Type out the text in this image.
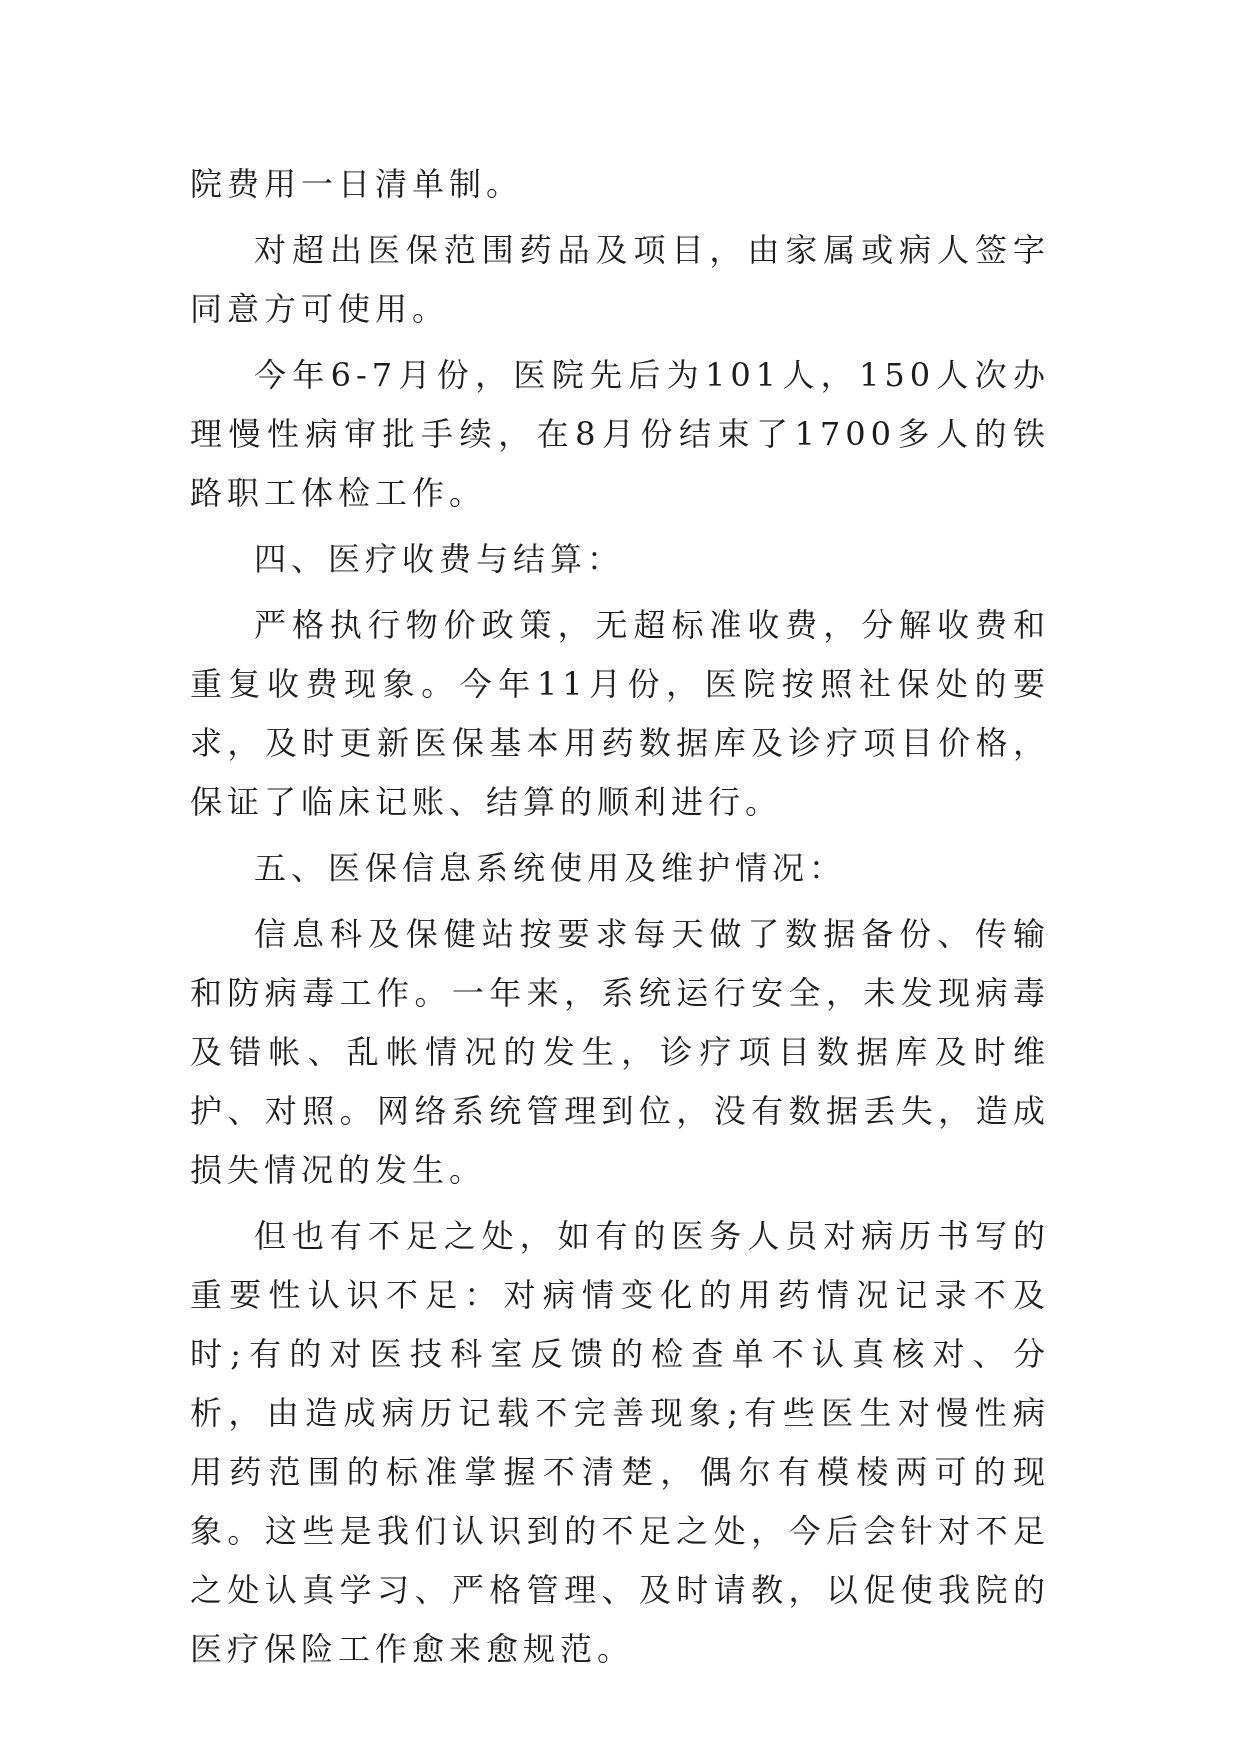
院费用一日清单制。

对超出医保范围药品及项目，由家属或病人签字同意方可使用。

今年6-7月份，医院先后为101人，150人次办理慢性病审批手续，在8月份结束了1700多人的铁路职工体检工作。

四、医疗收费与结算：

严格执行物价政策，无超标准收费，分解收费和重复收费现象。今年11月份，医院按照社保处的要求，及时更新医保基本用药数据库及诊疗项目价格，保证了临床记账、结算的顺利进行。

五、医保信息系统使用及维护情况：

信息科及保健站按要求每天做了数据备份、传输和防病毒工作。一年来，系统运行安全，未发现病毒及错帐、乱帐情况的发生，诊疗项目数据库及时维护、对照。网络系统管理到位，没有数据丢失，造成损失情况的发生。

但也有不足之处，如有的医务人员对病历书写的重要性认识不足：对病情变化的用药情况记录不及时;有的对医技科室反馈的检查单不认真核对、分析，由造成病历记载不完善现象;有些医生对慢性病用药范围的标准掌握不清楚，偶尔有模棱两可的现象。这些是我们认识到的不足之处，今后会针对不足之处认真学习、严格管理、及时请教，以促使我院的医疗保险工作愈来愈规范。
